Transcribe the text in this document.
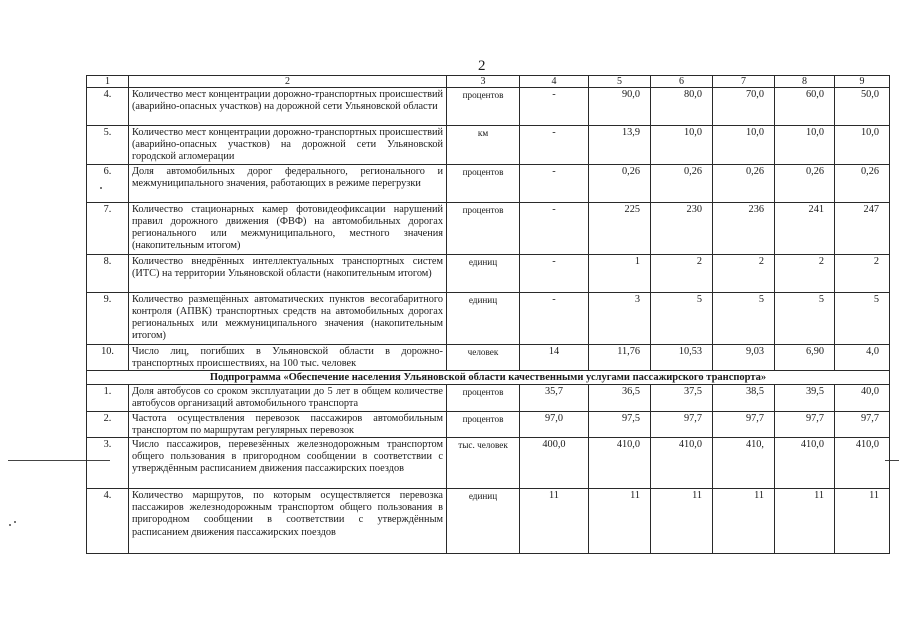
2
1	2	3	4	5	6	7	8	9
4.	Количество мест концентрации дорожно-транспортных происшествий (аварийно-опасных участков) на дорожной сети Ульяновской области	процентов	-	90,0	80,0	70,0	60,0	50,0
5.	Количество мест концентрации дорожно-транспортных происшествий (аварийно-опасных участков) на дорожной сети Ульяновской городской агломерации	км	-	13,9	10,0	10,0	10,0	10,0
6.	Доля автомобильных дорог федерального, регионального и межмуниципального значения, работающих в режиме перегрузки	процентов	-	0,26	0,26	0,26	0,26	0,26
7.	Количество стационарных камер фотовидеофиксации нарушений правил дорожного движения (ФВФ) на автомобильных дорогах регионального или межмуниципального, местного значения (накопительным итогом)	процентов	-	225	230	236	241	247
8.	Количество внедрённых интеллектуальных транспортных систем (ИТС) на территории Ульяновской области (накопительным итогом)	единиц	-	1	2	2	2	2
9.	Количество размещённых автоматических пунктов весогабаритного контроля (АПВК) транспортных средств на автомобильных дорогах региональных или межмуниципального значения (накопительным итогом)	единиц	-	3	5	5	5	5
10.	Число лиц, погибших в Ульяновской области в дорожно-транспортных происшествиях, на 100 тыс. человек	человек	14	11,76	10,53	9,03	6,90	4,0
Подпрограмма «Обеспечение населения Ульяновской области качественными услугами пассажирского транспорта»								
1.	Доля автобусов со сроком эксплуатации до 5 лет в общем количестве автобусов организаций автомобильного транспорта	процентов	35,7	36,5	37,5	38,5	39,5	40,0
2.	Частота осуществления перевозок пассажиров автомобильным транспортом по маршрутам регулярных перевозок	процентов	97,0	97,5	97,7	97,7	97,7	97,7
3.	Число пассажиров, перевезённых железнодорожным транспортом общего пользования в пригородном сообщении в соответствии с утверждённым расписанием движения пассажирских поездов	тыс. человек	400,0	410,0	410,0	410,	410,0	410,0
4.	Количество маршрутов, по которым осуществляется перевозка пассажиров железнодорожным транспортом общего пользования в пригородном сообщении в соответствии с утверждённым расписанием движения пассажирских поездов	единиц	11	11	11	11	11	11
